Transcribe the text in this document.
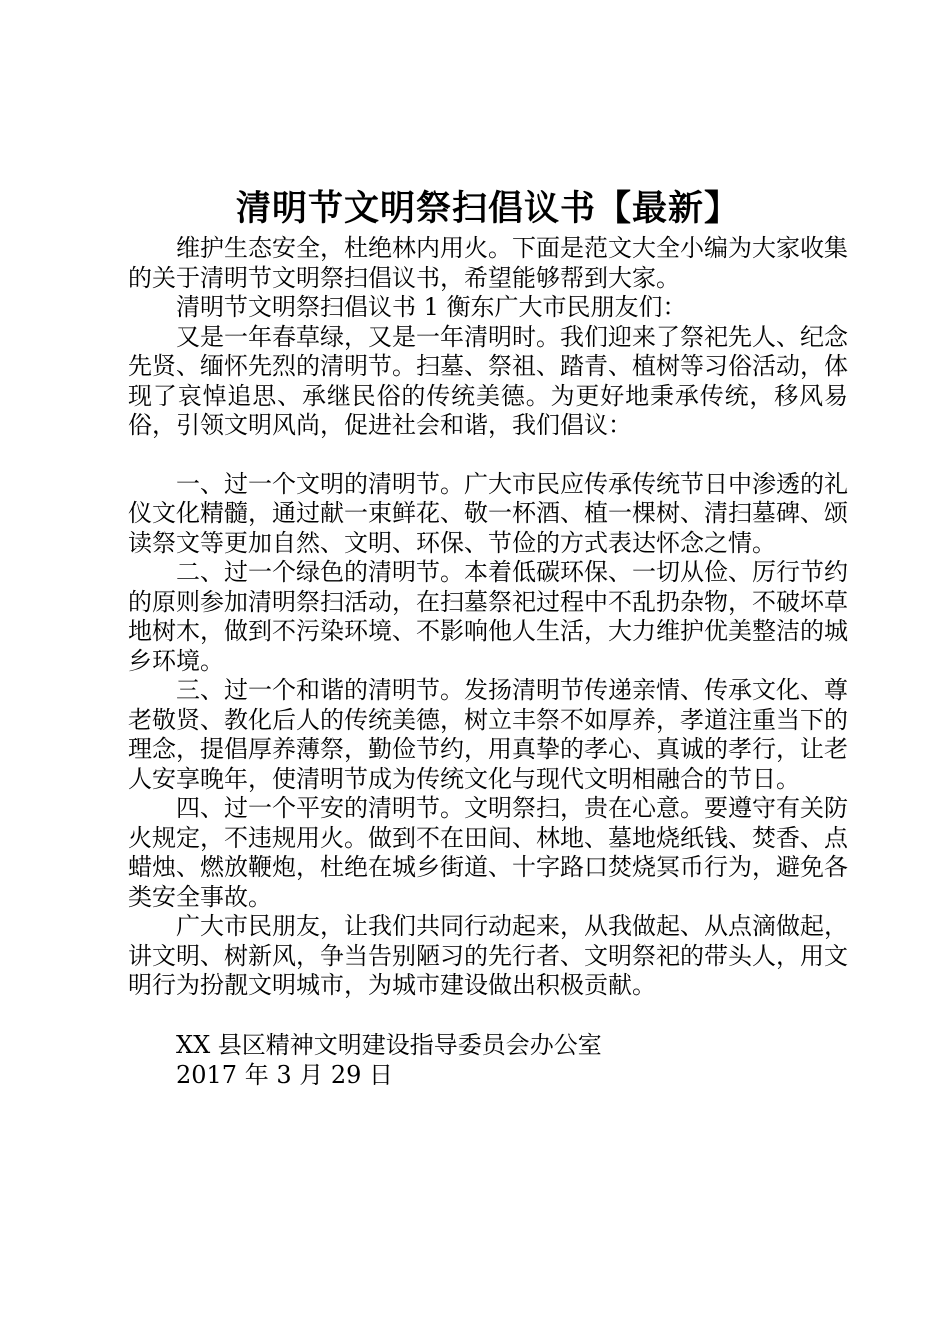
清明节文明祭扫倡议书【最新】

维护生态安全，杜绝林内用火。下面是范文大全小编为大家收集的关于清明节文明祭扫倡议书，希望能够帮到大家。

清明节文明祭扫倡议书 1 衡东广大市民朋友们：

又是一年春草绿，又是一年清明时。我们迎来了祭祀先人、纪念先贤、缅怀先烈的清明节。扫墓、祭祖、踏青、植树等习俗活动，体现了哀悼追思、承继民俗的传统美德。为更好地秉承传统，移风易俗，引领文明风尚，促进社会和谐，我们倡议：

一、过一个文明的清明节。广大市民应传承传统节日中渗透的礼仪文化精髓，通过献一束鲜花、敬一杯酒、植一棵树、清扫墓碑、颂读祭文等更加自然、文明、环保、节俭的方式表达怀念之情。

二、过一个绿色的清明节。本着低碳环保、一切从俭、厉行节约的原则参加清明祭扫活动，在扫墓祭祀过程中不乱扔杂物，不破坏草地树木，做到不污染环境、不影响他人生活，大力维护优美整洁的城乡环境。

三、过一个和谐的清明节。发扬清明节传递亲情、传承文化、尊老敬贤、教化后人的传统美德，树立丰祭不如厚养，孝道注重当下的理念，提倡厚养薄祭，勤俭节约，用真挚的孝心、真诚的孝行，让老人安享晚年，使清明节成为传统文化与现代文明相融合的节日。

四、过一个平安的清明节。文明祭扫，贵在心意。要遵守有关防火规定，不违规用火。做到不在田间、林地、墓地烧纸钱、焚香、点蜡烛、燃放鞭炮，杜绝在城乡街道、十字路口焚烧冥币行为，避免各类安全事故。

广大市民朋友，让我们共同行动起来，从我做起、从点滴做起，讲文明、树新风，争当告别陋习的先行者、文明祭祀的带头人，用文明行为扮靓文明城市，为城市建设做出积极贡献。

XX 县区精神文明建设指导委员会办公室

2017 年 3 月 29 日
